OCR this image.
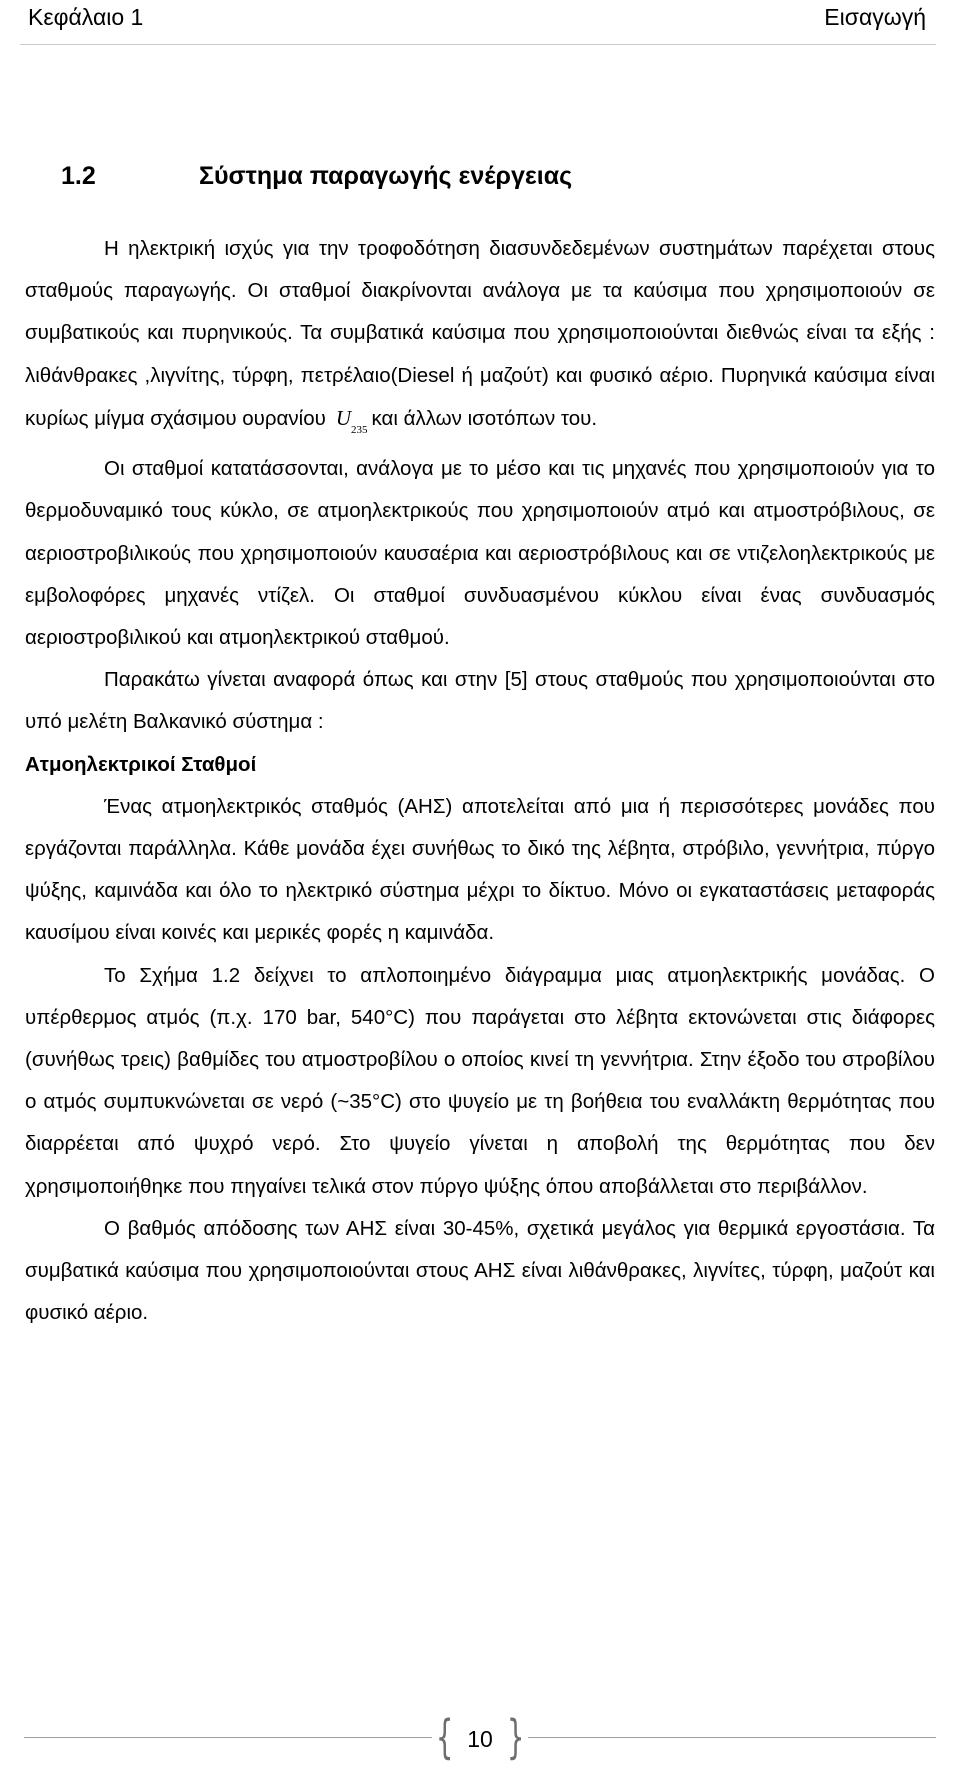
Κεφάλαιο 1	Εισαγωγή
1.2	Σύστημα παραγωγής ενέργειας

Η ηλεκτρική ισχύς για την τροφοδότηση διασυνδεδεμένων συστημάτων παρέχεται στους σταθμούς παραγωγής. Οι σταθμοί διακρίνονται ανάλογα με τα καύσιμα που χρησιμοποιούν σε συμβατικούς και πυρηνικούς. Τα συμβατικά καύσιμα που χρησιμοποιούνται διεθνώς είναι τα εξής : λιθάνθρακες ,λιγνίτης, τύρφη, πετρέλαιο(Diesel ή μαζούτ) και φυσικό αέριο. Πυρηνικά καύσιμα είναι κυρίως μίγμα σχάσιμου ουρανίου $U_{235}\kappa\alpha\iota$ άλλων ισοτόπων του.

Οι σταθμοί κατατάσσονται, ανάλογα με το μέσο και τις μηχανές που χρησιμοποιούν για το θερμοδυναμικό τους κύκλο, σε ατμοηλεκτρικούς που χρησιμοποιούν ατμό και ατμοστρόβιλους, σε αεριοστροβιλικούς που χρησιμοποιούν καυσαέρια και αεριοστρόβιλους και σε ντιζελοηλεκτρικούς με εμβολοφόρες μηχανές ντίζελ. Οι σταθμοί συνδυασμένου κύκλου είναι ένας συνδυασμός αεριοστροβιλικού και ατμοηλεκτρικού σταθμού.

Παρακάτω γίνεται αναφορά όπως και στην [5] στους σταθμούς που χρησιμοποιούνται στο υπό μελέτη Βαλκανικό σύστημα :

Ατμοηλεκτρικοί Σταθμοί

Ένας ατμοηλεκτρικός σταθμός (ΑΗΣ) αποτελείται από μια ή περισσότερες μονάδες που εργάζονται παράλληλα. Κάθε μονάδα έχει συνήθως το δικό της λέβητα, στρόβιλο, γεννήτρια, πύργο ψύξης, καμινάδα και όλο το ηλεκτρικό σύστημα μέχρι το δίκτυο. Μόνο οι εγκαταστάσεις μεταφοράς καυσίμου είναι κοινές και μερικές φορές η καμινάδα.

Το Σχήμα 1.2 δείχνει το απλοποιημένο διάγραμμα μιας ατμοηλεκτρικής μονάδας. Ο υπέρθερμος ατμός (π.χ. 170 bar, 540°C) που παράγεται στο λέβητα εκτονώνεται στις διάφορες (συνήθως τρεις) βαθμίδες του ατμοστροβίλου ο οποίος κινεί τη γεννήτρια. Στην έξοδο του στροβίλου ο ατμός συμπυκνώνεται σε νερό (~35°C) στο ψυγείο με τη βοήθεια του εναλλάκτη θερμότητας που διαρρέεται από ψυχρό νερό. Στο ψυγείο γίνεται η αποβολή της θερμότητας που δεν χρησιμοποιήθηκε που πηγαίνει τελικά στον πύργο ψύξης όπου αποβάλλεται στο περιβάλλον.

Ο βαθμός απόδοσης των ΑΗΣ είναι 30-45%, σχετικά μεγάλος για θερμικά εργοστάσια. Τα συμβατικά καύσιμα που χρησιμοποιούνται στους ΑΗΣ είναι λιθάνθρακες, λιγνίτες, τύρφη, μαζούτ και φυσικό αέριο.

{ 10 }
